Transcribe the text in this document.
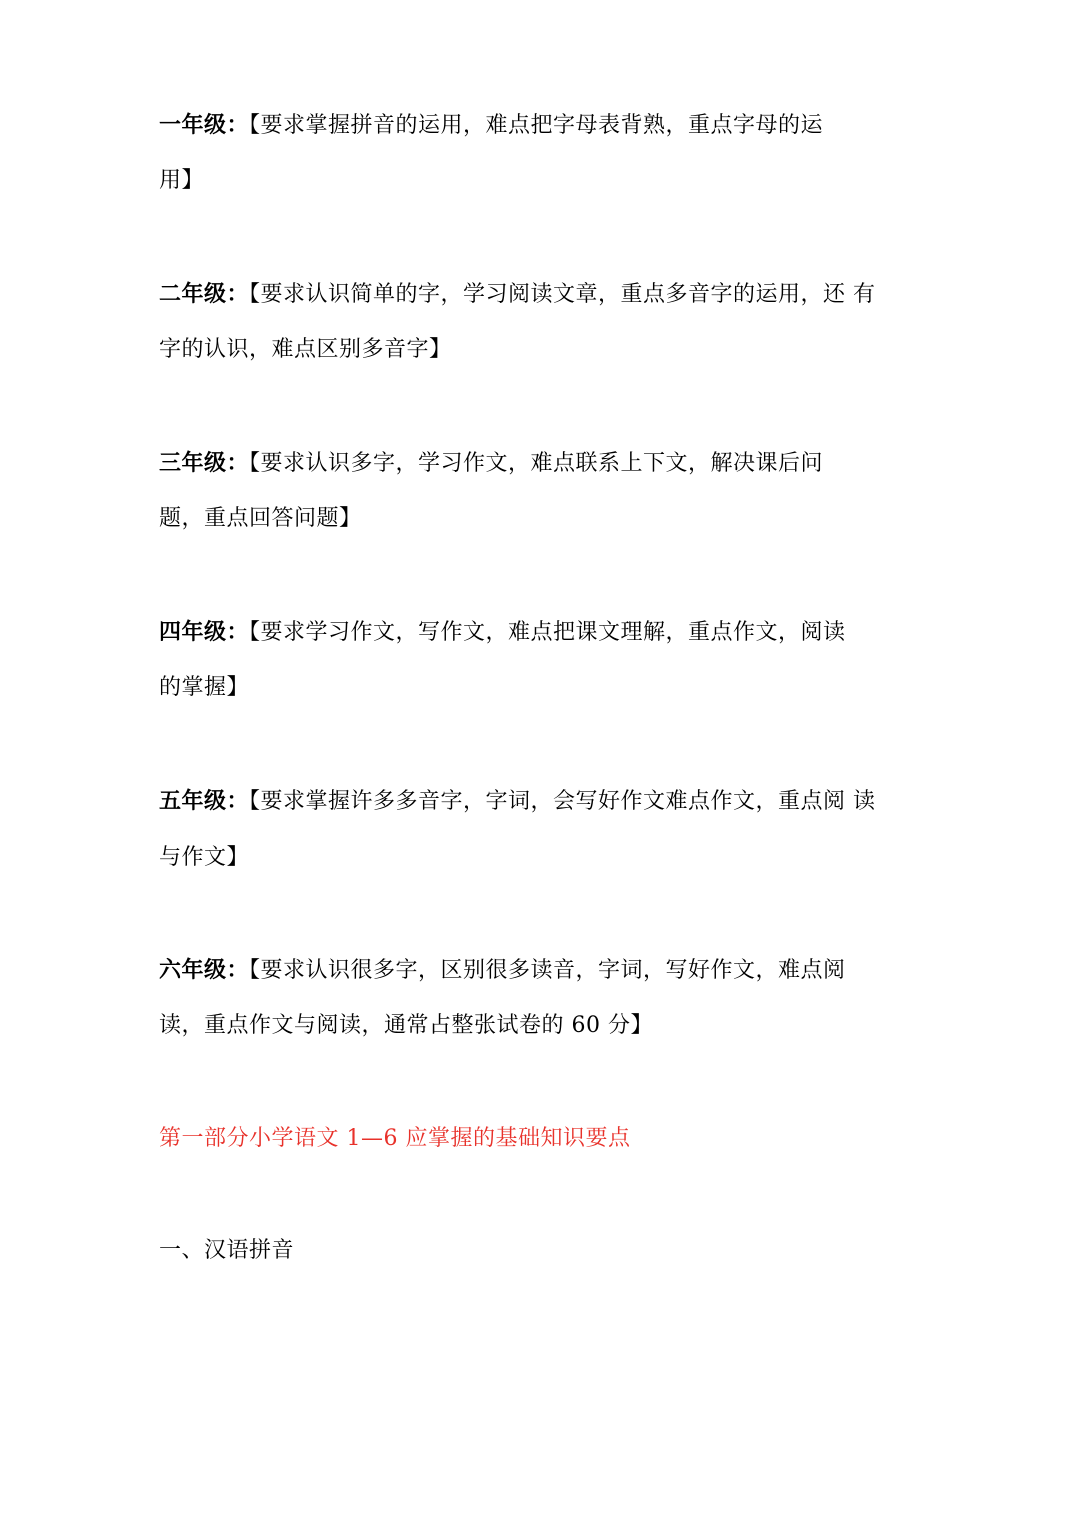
一年级：【要求掌握拼音的运用，难点把字母表背熟，重点字母的运
用】
二年级：【要求认识简单的字，学习阅读文章，重点多音字的运用，还 有
字的认识，难点区别多音字】
三年级：【要求认识多字，学习作文，难点联系上下文，解决课后问
题，重点回答问题】
四年级：【要求学习作文，写作文，难点把课文理解，重点作文，阅读
的掌握】
五年级：【要求掌握许多多音字，字词，会写好作文难点作文，重点阅 读
与作文】
六年级：【要求认识很多字，区别很多读音，字词，写好作文，难点阅
读，重点作文与阅读，通常占整张试卷的 60 分】
第一部分小学语文 1—6 应掌握的基础知识要点
一、汉语拼音
